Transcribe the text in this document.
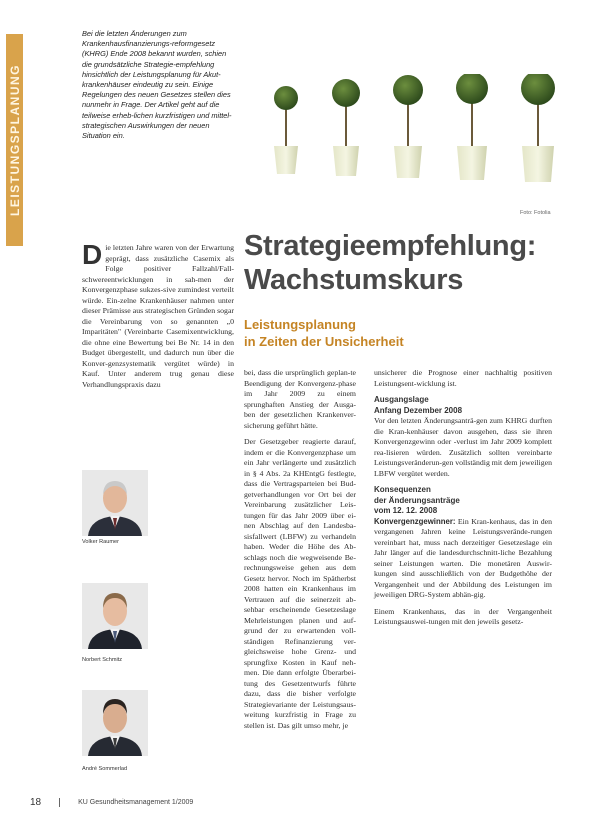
LEISTUNGSPLANUNG
Bei die letzten Änderungen zum Krankenhausfinanzierungs-reformgesetz (KHRG) Ende 2008 bekannt wurden, schien die grundsätzliche Strategie-empfehlung hinsichtlich der Leistungsplanung für Akut-krankenhäuser eindeutig zu sein. Einige Regelungen des neuen Gesetzes stellen dies nunmehr in Frage. Der Artikel geht auf die teilweise erheb-lichen kurzfristigen und mittel-strategischen Auswirkungen der neuen Situation ein.
Foto: Fotolia
Strategieempfehlung:
Wachstumskurs
Leistungsplanung
in Zeiten der Unsicherheit

Die letzten Jahre waren von der Erwartung geprägt, dass zusätzliche Casemix als Folge positiver Fallzahl/Fall-schwereentwicklungen in sah-men der Konvergenzphase sukzes-sive zumindest verteilt würde. Ein-zelne Krankenhäuser nahmen unter dieser Prämisse aus strategischen Gründen sogar die Vereinbarung von so genannten „0 Imparitäten" (Vereinbarte Casemixentwicklung, die ohne eine Bewertung bei Be Nr. 14 in den Budget übergestellt, und dadurch nun über die Konver-genzsystematik vergütet würde) in Kauf. Unter anderem trug genau diese Verhandlungspraxis dazu

bei, dass die ursprünglich geplan-te Beendigung der Konvergenz-phase im Jahr 2009 zu einem sprunghaften Anstieg der Ausga-ben der gesetzlichen Krankenver-sicherung geführt hätte.

Der Gesetzgeber reagierte darauf, indem er die Konvergenzphase um ein Jahr verlängerte und zusätzlich in § 4 Abs. 2a KHEntgG festlegte, dass die Vertragsparteien bei Bud-getverhandlungen vor Ort bei der Vereinbarung zusätzlicher Leis-tungen für das Jahr 2009 über ei-nen Abschlag auf den Landesba-sisfallwert (LBFW) zu verhandeln haben. Weder die Höhe des Ab-schlags noch die wegweisende Be-rechnungsweise gehen aus dem Gesetz hervor. Noch im Spätherbst 2008 hatten ein Krankenhaus im Vertrauen auf die seinerzeit ab-sehbar erscheinende Gesetzeslage Mehrleistungen planen und auf-grund der zu erwartenden voll-ständigen Refinanzierung ver-gleichsweise hohe Grenz- und sprungfixe Kosten in Kauf neh-men. Die dann erfolgte Überarbei-tung des Gesetzentwurfs führte dazu, dass die bisher verfolgte Strategievariante der Leistungsaus-weitung kurzfristig in Frage zu stellen ist. Das gilt umso mehr, je

unsicherer die Prognose einer nachhaltig positiven Leistungsent-wicklung ist.

Ausgangslage
Anfang Dezember 2008

Vor den letzten Änderungsanträ-gen zum KHRG durften die Kran-kenhäuser davon ausgehen, dass sie ihren Konvergenzgewinn oder -verlust im Jahr 2009 komplett rea-lisieren würden. Zusätzlich sollten vereinbarte Leistungsveränderun-gen vollständig mit dem jeweiligen LBFW vergütet werden.

Konsequenzen
der Änderungsanträge
vom 12. 12. 2008

Konvergenzgewinner: Ein Kran-kenhaus, das in den vergangenen Jahren keine Leistungsverände-rungen vereinbart hat, muss nach derzeitiger Gesetzeslage ein Jahr länger auf die landesdurchschnitt-liche Bezahlung seiner Leistungen warten. Die monetären Auswir-kungen sind ausschließlich von der Budgethöhe der Vergangenheit und der Abbildung des Leistungen im jeweiligen DRG-System abhän-gig.

Einem Krankenhaus, das in der Vergangenheit Leistungsauswei-tungen mit den jeweils gesetz-

Volker Raumer
Norbert Schmitz
André Sommerlad
18	KU Gesundheitsmanagement 1/2009
